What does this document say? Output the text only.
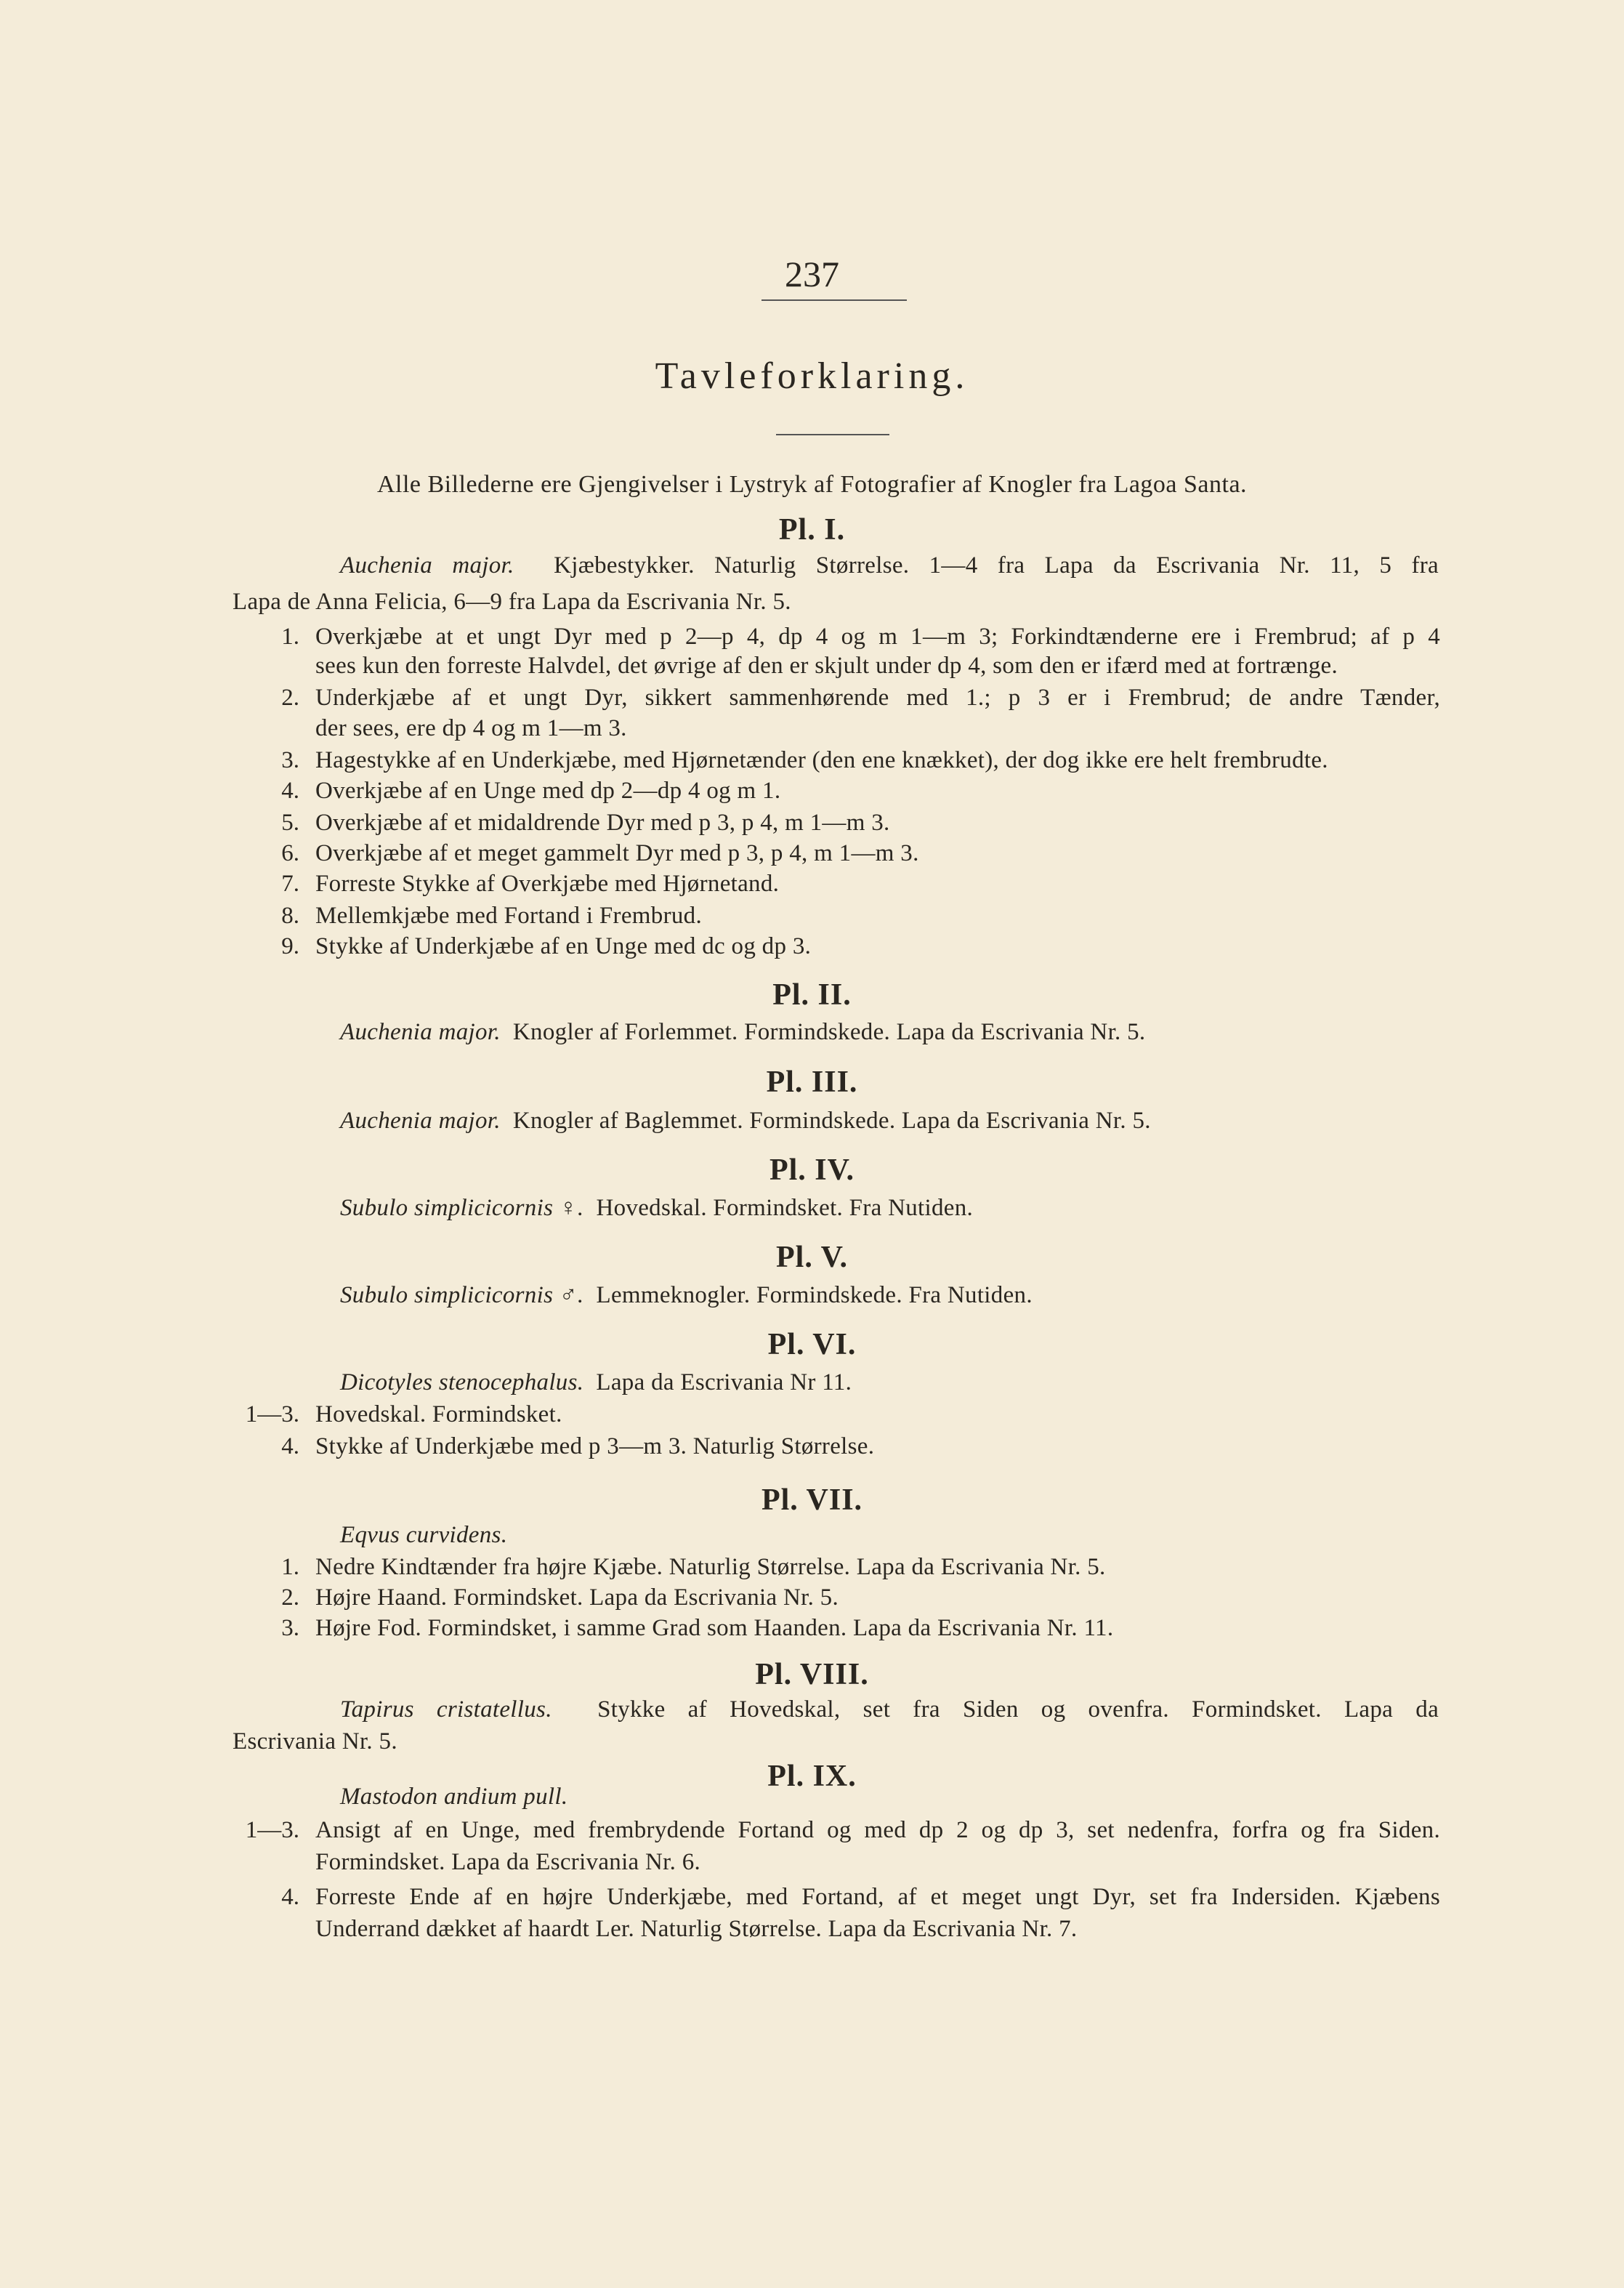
237
Tavleforklaring.
Alle Billederne ere Gjengivelser i Lystryk af Fotografier af Knogler fra Lagoa Santa.
Pl. I.
Auchenia major. Kjæbestykker. Naturlig Størrelse. 1—4 fra Lapa da Escrivania Nr. 11, 5 fra
Lapa de Anna Felicia, 6—9 fra Lapa da Escrivania Nr. 5.
1. Overkjæbe at et ungt Dyr med p 2—p 4, dp 4 og m 1—m 3; Forkindtænderne ere i Frembrud; af p 4
sees kun den forreste Halvdel, det øvrige af den er skjult under dp 4, som den er ifærd med at fortrænge.
2. Underkjæbe af et ungt Dyr, sikkert sammenhørende med 1.; p 3 er i Frembrud; de andre Tænder,
der sees, ere dp 4 og m 1—m 3.
3. Hagestykke af en Underkjæbe, med Hjørnetænder (den ene knækket), der dog ikke ere helt frembrudte.
4. Overkjæbe af en Unge med dp 2—dp 4 og m 1.
5. Overkjæbe af et midaldrende Dyr med p 3, p 4, m 1—m 3.
6. Overkjæbe af et meget gammelt Dyr med p 3, p 4, m 1—m 3.
7. Forreste Stykke af Overkjæbe med Hjørnetand.
8. Mellemkjæbe med Fortand i Frembrud.
9. Stykke af Underkjæbe af en Unge med dc og dp 3.
Pl. II.
Auchenia major. Knogler af Forlemmet. Formindskede. Lapa da Escrivania Nr. 5.
Pl. III.
Auchenia major. Knogler af Baglemmet. Formindskede. Lapa da Escrivania Nr. 5.
Pl. IV.
Subulo simplicicornis ♀. Hovedskal. Formindsket. Fra Nutiden.
Pl. V.
Subulo simplicicornis ♂. Lemmeknogler. Formindskede. Fra Nutiden.
Pl. VI.
Dicotyles stenocephalus. Lapa da Escrivania Nr 11.
1—3. Hovedskal. Formindsket.
4. Stykke af Underkjæbe med p 3—m 3. Naturlig Størrelse.
Pl. VII.
Eqvus curvidens.
1. Nedre Kindtænder fra højre Kjæbe. Naturlig Størrelse. Lapa da Escrivania Nr. 5.
2. Højre Haand. Formindsket. Lapa da Escrivania Nr. 5.
3. Højre Fod. Formindsket, i samme Grad som Haanden. Lapa da Escrivania Nr. 11.
Pl. VIII.
Tapirus cristatellus. Stykke af Hovedskal, set fra Siden og ovenfra. Formindsket. Lapa da
Escrivania Nr. 5.
Pl. IX.
Mastodon andium pull.
1—3. Ansigt af en Unge, med frembrydende Fortand og med dp 2 og dp 3, set nedenfra, forfra og fra Siden.
Formindsket. Lapa da Escrivania Nr. 6.
4. Forreste Ende af en højre Underkjæbe, med Fortand, af et meget ungt Dyr, set fra Indersiden. Kjæbens
Underrand dækket af haardt Ler. Naturlig Størrelse. Lapa da Escrivania Nr. 7.
